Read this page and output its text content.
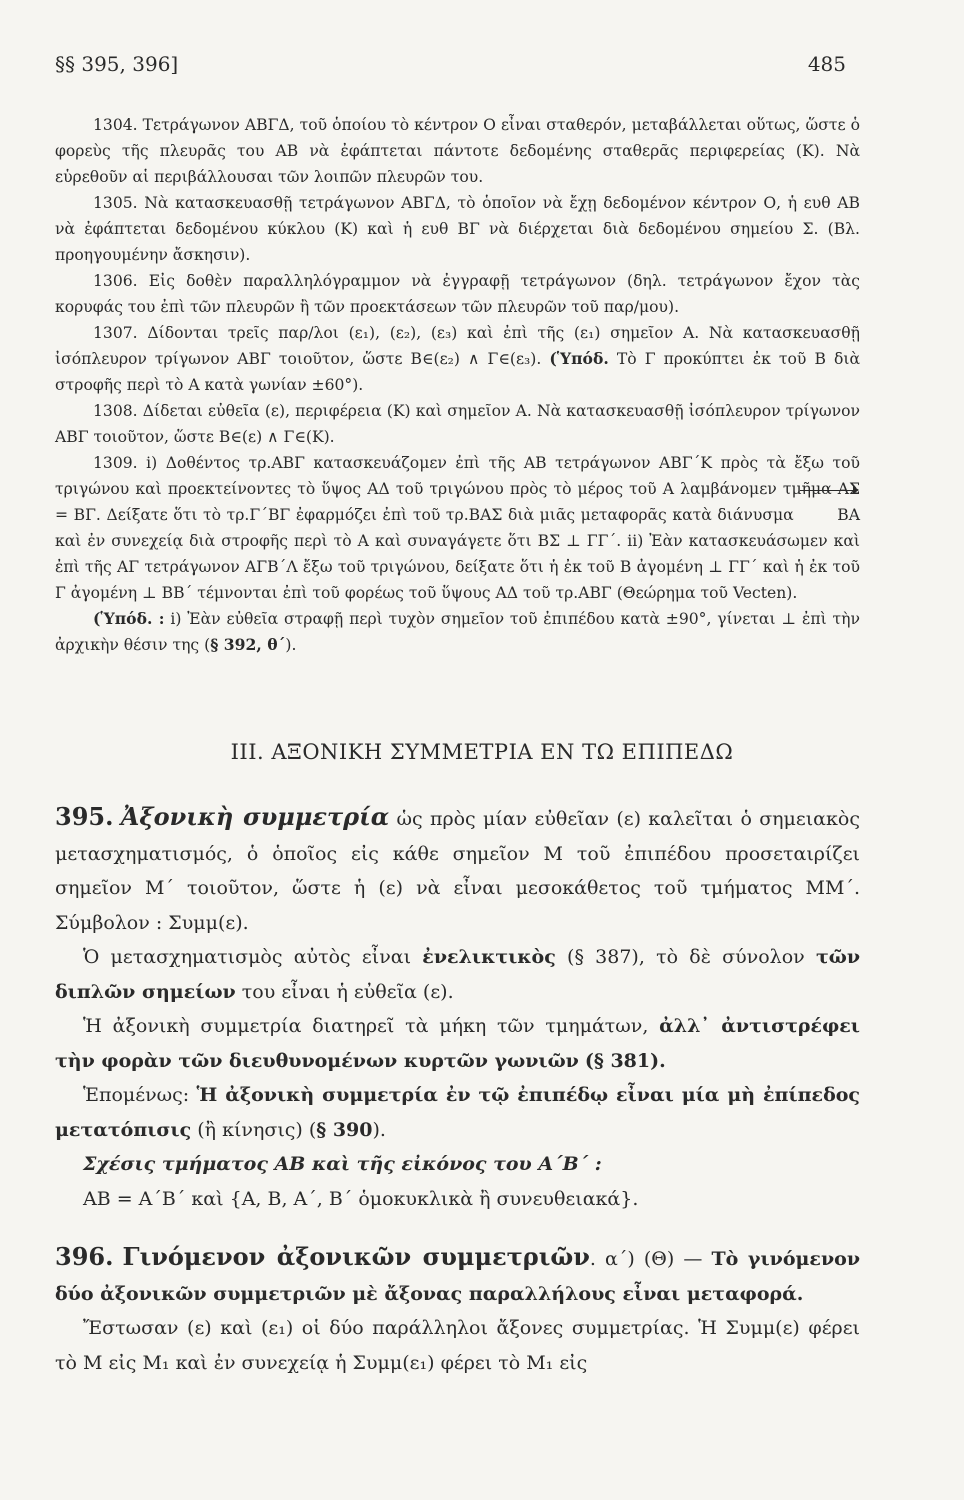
§§ 395, 396]	485

1304. Τετράγωνον ΑΒΓΔ, τοῦ ὁποίου τὸ κέντρον Ο εἶναι σταθερόν, μεταβάλλεται οὕτως, ὥστε ὁ φορεὺς τῆς πλευρᾶς του ΑΒ νὰ ἐφάπτεται πάντοτε δεδομένης σταθερᾶς περιφερείας (Κ). Νὰ εὑρεθοῦν αἱ περιβάλλουσαι τῶν λοιπῶν πλευρῶν του.

1305. Νὰ κατασκευασθῇ τετράγωνον ΑΒΓΔ, τὸ ὁποῖον νὰ ἔχῃ δεδομένον κέντρον Ο, ἡ ευθ ΑΒ νὰ ἐφάπτεται δεδομένου κύκλου (Κ) καὶ ἡ ευθ ΒΓ νὰ διέρχεται διὰ δεδομένου σημείου Σ. (Βλ. προηγουμένην ἄσκησιν).

1306. Εἰς δοθὲν παραλληλόγραμμον νὰ ἐγγραφῇ τετράγωνον (δηλ. τετράγωνον ἔχον τὰς κορυφάς του ἐπὶ τῶν πλευρῶν ἢ τῶν προεκτάσεων τῶν πλευρῶν τοῦ παρ/μου).

1307. Δίδονται τρεῖς παρ/λοι (ε₁), (ε₂), (ε₃) καὶ ἐπὶ τῆς (ε₁) σημεῖον Α. Νὰ κατασκευασθῇ ἰσόπλευρον τρίγωνον ΑΒΓ τοιοῦτον, ὥστε Β∈(ε₂) ∧ Γ∈(ε₃). (Ὑπόδ. Τὸ Γ προκύπτει ἐκ τοῦ Β διὰ στροφῆς περὶ τὸ Α κατὰ γωνίαν ±60°).

1308. Δίδεται εὐθεῖα (ε), περιφέρεια (Κ) καὶ σημεῖον Α. Νὰ κατασκευασθῇ ἰσόπλευρον τρίγωνον ΑΒΓ τοιοῦτον, ὥστε Β∈(ε) ∧ Γ∈(Κ).

1309. i) Δοθέντος τρ.ΑΒΓ κατασκευάζομεν ἐπὶ τῆς ΑΒ τετράγωνον ΑΒΓ΄Κ πρὸς τὰ ἔξω τοῦ τριγώνου καὶ προεκτείνοντες τὸ ὕψος ΑΔ τοῦ τριγώνου πρὸς τὸ μέρος τοῦ Α λαμβάνομεν τμῆμα ΑΣ = ΒΓ. Δείξατε ὅτι τὸ τρ.Γ΄ΒΓ ἐφαρμόζει ἐπὶ τοῦ τρ.ΒΑΣ διὰ μιᾶς μεταφορᾶς κατὰ διάνυσμα	ΒΑ καὶ ἐν συνεχείᾳ διὰ στροφῆς περὶ τὸ Α καὶ συναγάγετε ὅτι ΒΣ ⊥ ΓΓ΄. ii) Ἐὰν κατασκευάσωμεν καὶ ἐπὶ τῆς ΑΓ τετράγωνον ΑΓΒ΄Λ ἔξω τοῦ τριγώνου, δείξατε ὅτι ἡ ἐκ τοῦ Β ἀγομένη ⊥ ΓΓ΄ καὶ ἡ ἐκ τοῦ Γ ἀγομένη ⊥ ΒΒ΄ τέμνονται ἐπὶ τοῦ φορέως τοῦ ὕψους ΑΔ τοῦ τρ.ΑΒΓ (Θεώρημα τοῦ Vecten).

(Ὑπόδ. : i) Ἐὰν εὐθεῖα στραφῇ περὶ τυχὸν σημεῖον τοῦ ἐπιπέδου κατὰ ±90°, γίνεται ⊥ ἐπὶ τὴν ἀρχικὴν θέσιν της (§ 392, θ΄).

III. ΑΞΟΝΙΚΗ ΣΥΜΜΕΤΡΙΑ ΕΝ ΤΩ ΕΠΙΠΕΔΩ

395. Ἀξονικὴ συμμετρία ὡς πρὸς μίαν εὐθεῖαν (ε) καλεῖται ὁ σημειακὸς μετασχηματισμός, ὁ ὁποῖος εἰς κάθε σημεῖον Μ τοῦ ἐπιπέδου προσεταιρίζει σημεῖον Μ΄ τοιοῦτον, ὥστε ἡ (ε) νὰ εἶναι μεσοκάθετος τοῦ τμήματος ΜΜ΄. Σύμβολον : Συμμ(ε).

Ὁ μετασχηματισμὸς αὐτὸς εἶναι ἐνελικτικὸς (§ 387), τὸ δὲ σύνολον τῶν διπλῶν σημείων του εἶναι ἡ εὐθεῖα (ε).

Ἡ ἀξονικὴ συμμετρία διατηρεῖ τὰ μήκη τῶν τμημάτων, ἀλλ᾽ ἀντιστρέφει τὴν φορὰν τῶν διευθυνομένων κυρτῶν γωνιῶν (§ 381).

Ἑπομένως: Ἡ ἀξονικὴ συμμετρία ἐν τῷ ἐπιπέδῳ εἶναι μία μὴ ἐπίπεδος μετατόπισις (ἢ κίνησις) (§ 390).

Σχέσις τμήματος ΑΒ καὶ τῆς εἰκόνος του Α΄Β΄ :

ΑΒ = Α΄Β΄ καὶ {Α, Β, Α΄, Β΄ ὁμοκυκλικὰ ἢ συνευθειακά}.

396. Γινόμενον ἀξονικῶν συμμετριῶν. α΄) (Θ) — Τὸ γινόμενον δύο ἀξονικῶν συμμετριῶν μὲ ἄξονας παραλλήλους εἶναι μεταφορά.

Ἔστωσαν (ε) καὶ (ε₁) οἱ δύο παράλληλοι ἄξονες συμμετρίας. Ἡ Συμμ(ε) φέρει τὸ Μ εἰς Μ₁ καὶ ἐν συνεχείᾳ ἡ Συμμ(ε₁) φέρει τὸ Μ₁ εἰς
